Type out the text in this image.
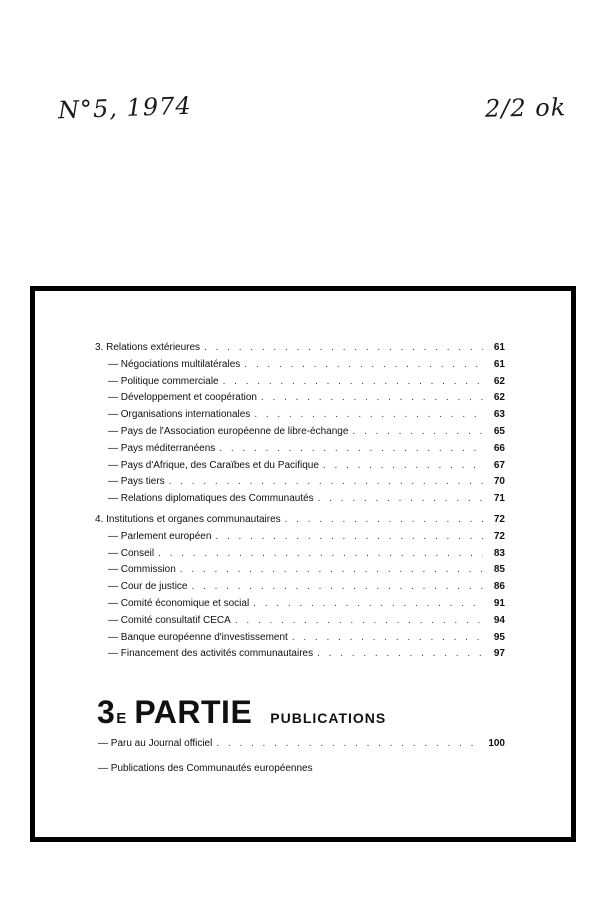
N°5, 1974	2/2 ok
3. Relations extérieures . . .	61
— Négociations multilatérales . . .	61
— Politique commerciale . . .	62
— Développement et coopération . . .	62
— Organisations internationales . . .	63
— Pays de l'Association européenne de libre-échange . . .	65
— Pays méditerranéens . . .	66
— Pays d'Afrique, des Caraïbes et du Pacifique . . .	67
— Pays tiers . . .	70
— Relations diplomatiques des Communautés . . .	71
4. Institutions et organes communautaires . . .	72
— Parlement européen . . .	72
— Conseil . . .	83
— Commission . . .	85
— Cour de justice . . .	86
— Comité économique et social . . .	91
— Comité consultatif CECA . . .	94
— Banque européenne d'investissement . . .	95
— Financement des activités communautaires . . .	97
3 E PARTIE PUBLICATIONS
— Paru au Journal officiel . . .	100
— Publications des Communautés européennes
